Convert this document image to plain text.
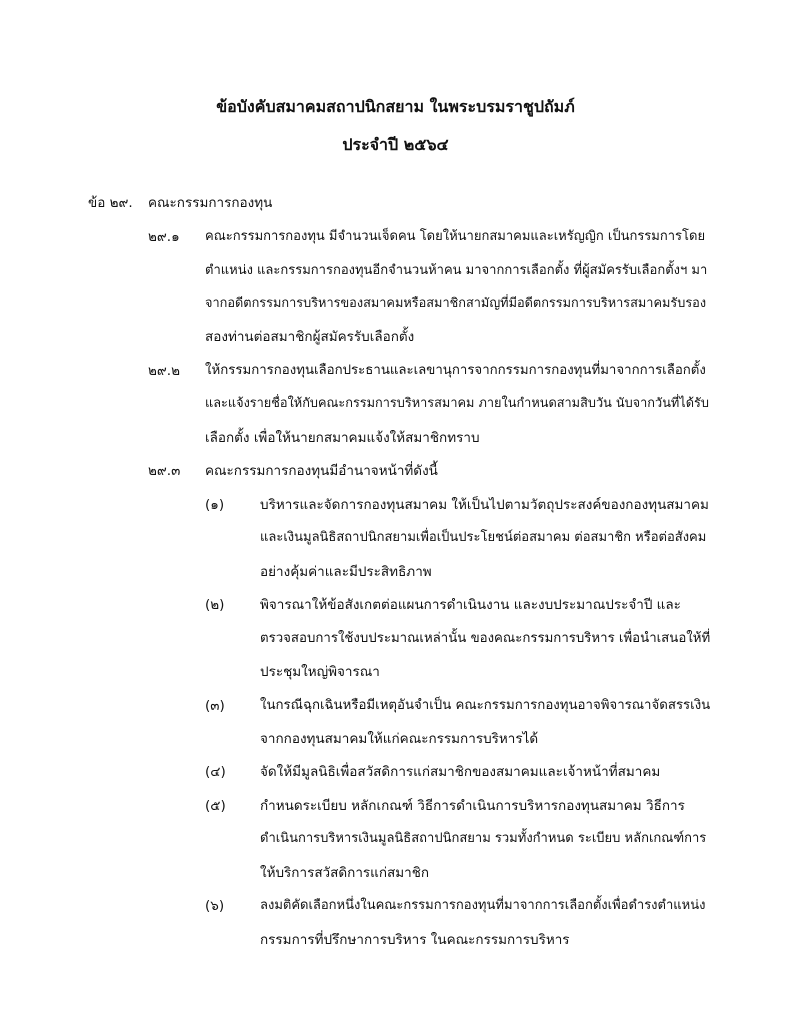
ข้อบังคับสมาคมสถาปนิกสยาม ในพระบรมราชูปถัมภ์
ประจำปี ๒๕๖๔
ข้อ ๒๙. คณะกรรมการกองทุน
๒๙.๑ คณะกรรมการกองทุน มีจำนวนเจ็ดคน โดยให้นายกสมาคมและเหรัญญิก เป็นกรรมการโดย
ตำแหน่ง และกรรมการกองทุนอีกจำนวนห้าคน มาจากการเลือกตั้ง ที่ผู้สมัครรับเลือกตั้งฯ มา
จากอดีตกรรมการบริหารของสมาคมหรือสมาชิกสามัญที่มีอดีตกรรมการบริหารสมาคมรับรอง
สองท่านต่อสมาชิกผู้สมัครรับเลือกตั้ง
๒๙.๒ ให้กรรมการกองทุนเลือกประธานและเลขานุการจากกรรมการกองทุนที่มาจากการเลือกตั้ง
และแจ้งรายชื่อให้กับคณะกรรมการบริหารสมาคม ภายในกำหนดสามสิบวัน นับจากวันที่ได้รับ
เลือกตั้ง เพื่อให้นายกสมาคมแจ้งให้สมาชิกทราบ
๒๙.๓ คณะกรรมการกองทุนมีอำนาจหน้าที่ดังนี้
(๑)	บริหารและจัดการกองทุนสมาคม ให้เป็นไปตามวัตถุประสงค์ของกองทุนสมาคม
และเงินมูลนิธิสถาปนิกสยามเพื่อเป็นประโยชน์ต่อสมาคม ต่อสมาชิก หรือต่อสังคม
อย่างคุ้มค่าและมีประสิทธิภาพ
(๒)	พิจารณาให้ข้อสังเกตต่อแผนการดำเนินงาน และงบประมาณประจำปี และ
ตรวจสอบการใช้งบประมาณเหล่านั้น ของคณะกรรมการบริหาร เพื่อนำเสนอให้ที่
ประชุมใหญ่พิจารณา
(๓)	ในกรณีฉุกเฉินหรือมีเหตุอันจำเป็น คณะกรรมการกองทุนอาจพิจารณาจัดสรรเงิน
จากกองทุนสมาคมให้แก่คณะกรรมการบริหารได้
(๔)	จัดให้มีมูลนิธิเพื่อสวัสดิการแก่สมาชิกของสมาคมและเจ้าหน้าที่สมาคม
(๕)	กำหนดระเบียบ หลักเกณฑ์ วิธีการดำเนินการบริหารกองทุนสมาคม วิธีการ
ดำเนินการบริหารเงินมูลนิธิสถาปนิกสยาม รวมทั้งกำหนด ระเบียบ หลักเกณฑ์การ
ให้บริการสวัสดิการแก่สมาชิก
(๖)	ลงมติคัดเลือกหนึ่งในคณะกรรมการกองทุนที่มาจากการเลือกตั้งเพื่อดำรงตำแหน่ง
กรรมการที่ปรึกษาการบริหาร ในคณะกรรมการบริหาร
